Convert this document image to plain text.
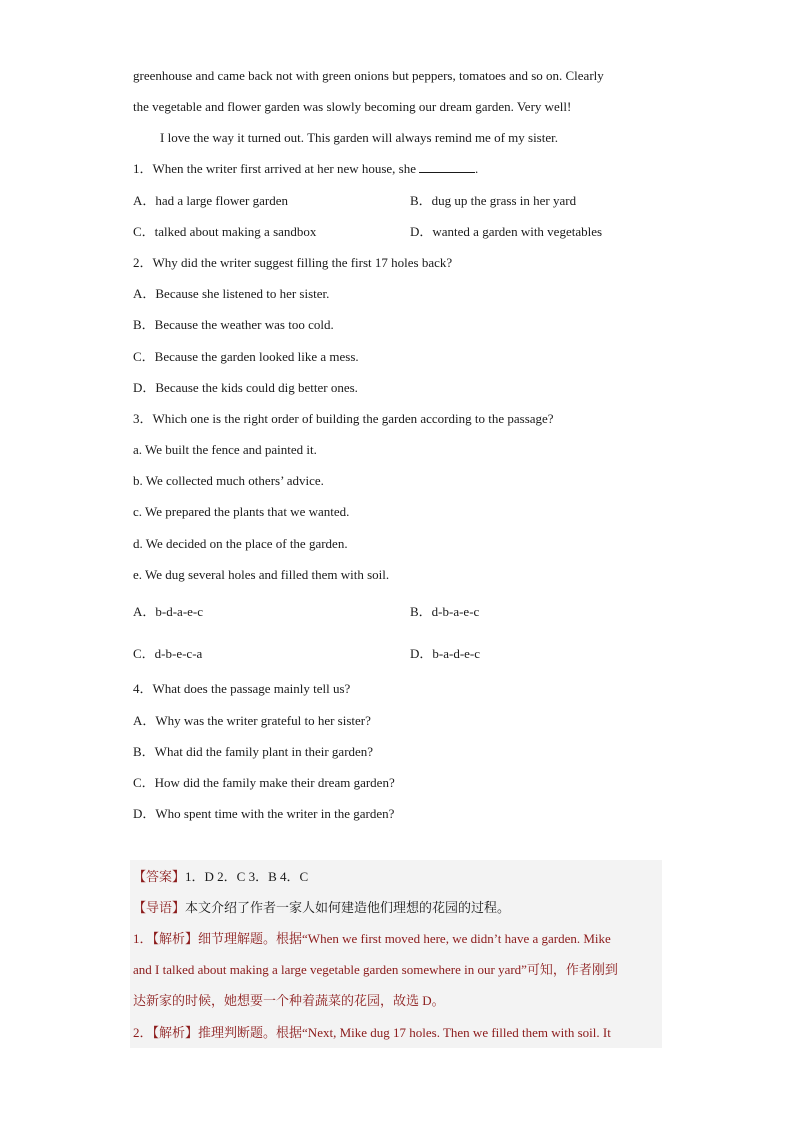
greenhouse and came back not with green onions but peppers, tomatoes and so on. Clearly
the vegetable and flower garden was slowly becoming our dream garden. Very well!
I love the way it turned out. This garden will always remind me of my sister.
1．When the writer first arrived at her new house, she	.
A．had a large flower garden	B．dug up the grass in her yard
C．talked about making a sandbox	D．wanted a garden with vegetables
2．Why did the writer suggest filling the first 17 holes back?
A．Because she listened to her sister.
B．Because the weather was too cold.
C．Because the garden looked like a mess.
D．Because the kids could dig better ones.
3．Which one is the right order of building the garden according to the passage?
a. We built the fence and painted it.
b. We collected much others’ advice.
c. We prepared the plants that we wanted.
d. We decided on the place of the garden.
e. We dug several holes and filled them with soil.
A．b-d-a-e-c	B．d-b-a-e-c
C．d-b-e-c-a	D．b-a-d-e-c
4．What does the passage mainly tell us?
A．Why was the writer grateful to her sister?
B．What did the family plant in their garden?
C．How did the family make their dream garden?
D．Who spent time with the writer in the garden?
【答案】1．D 2．C 3．B 4．C
【导语】本文介绍了作者一家人如何建造他们理想的花园的过程。
1．【解析】细节理解题。根据“When we first moved here, we didn’t have a garden. Mike
and I talked about making a large vegetable garden somewhere in our yard”可知，作者刚到
达新家的时候，她想要一个种着蔬菜的花园，故选 D。
2．【解析】推理判断题。根据“Next, Mike dug 17 holes. Then we filled them with soil. It
